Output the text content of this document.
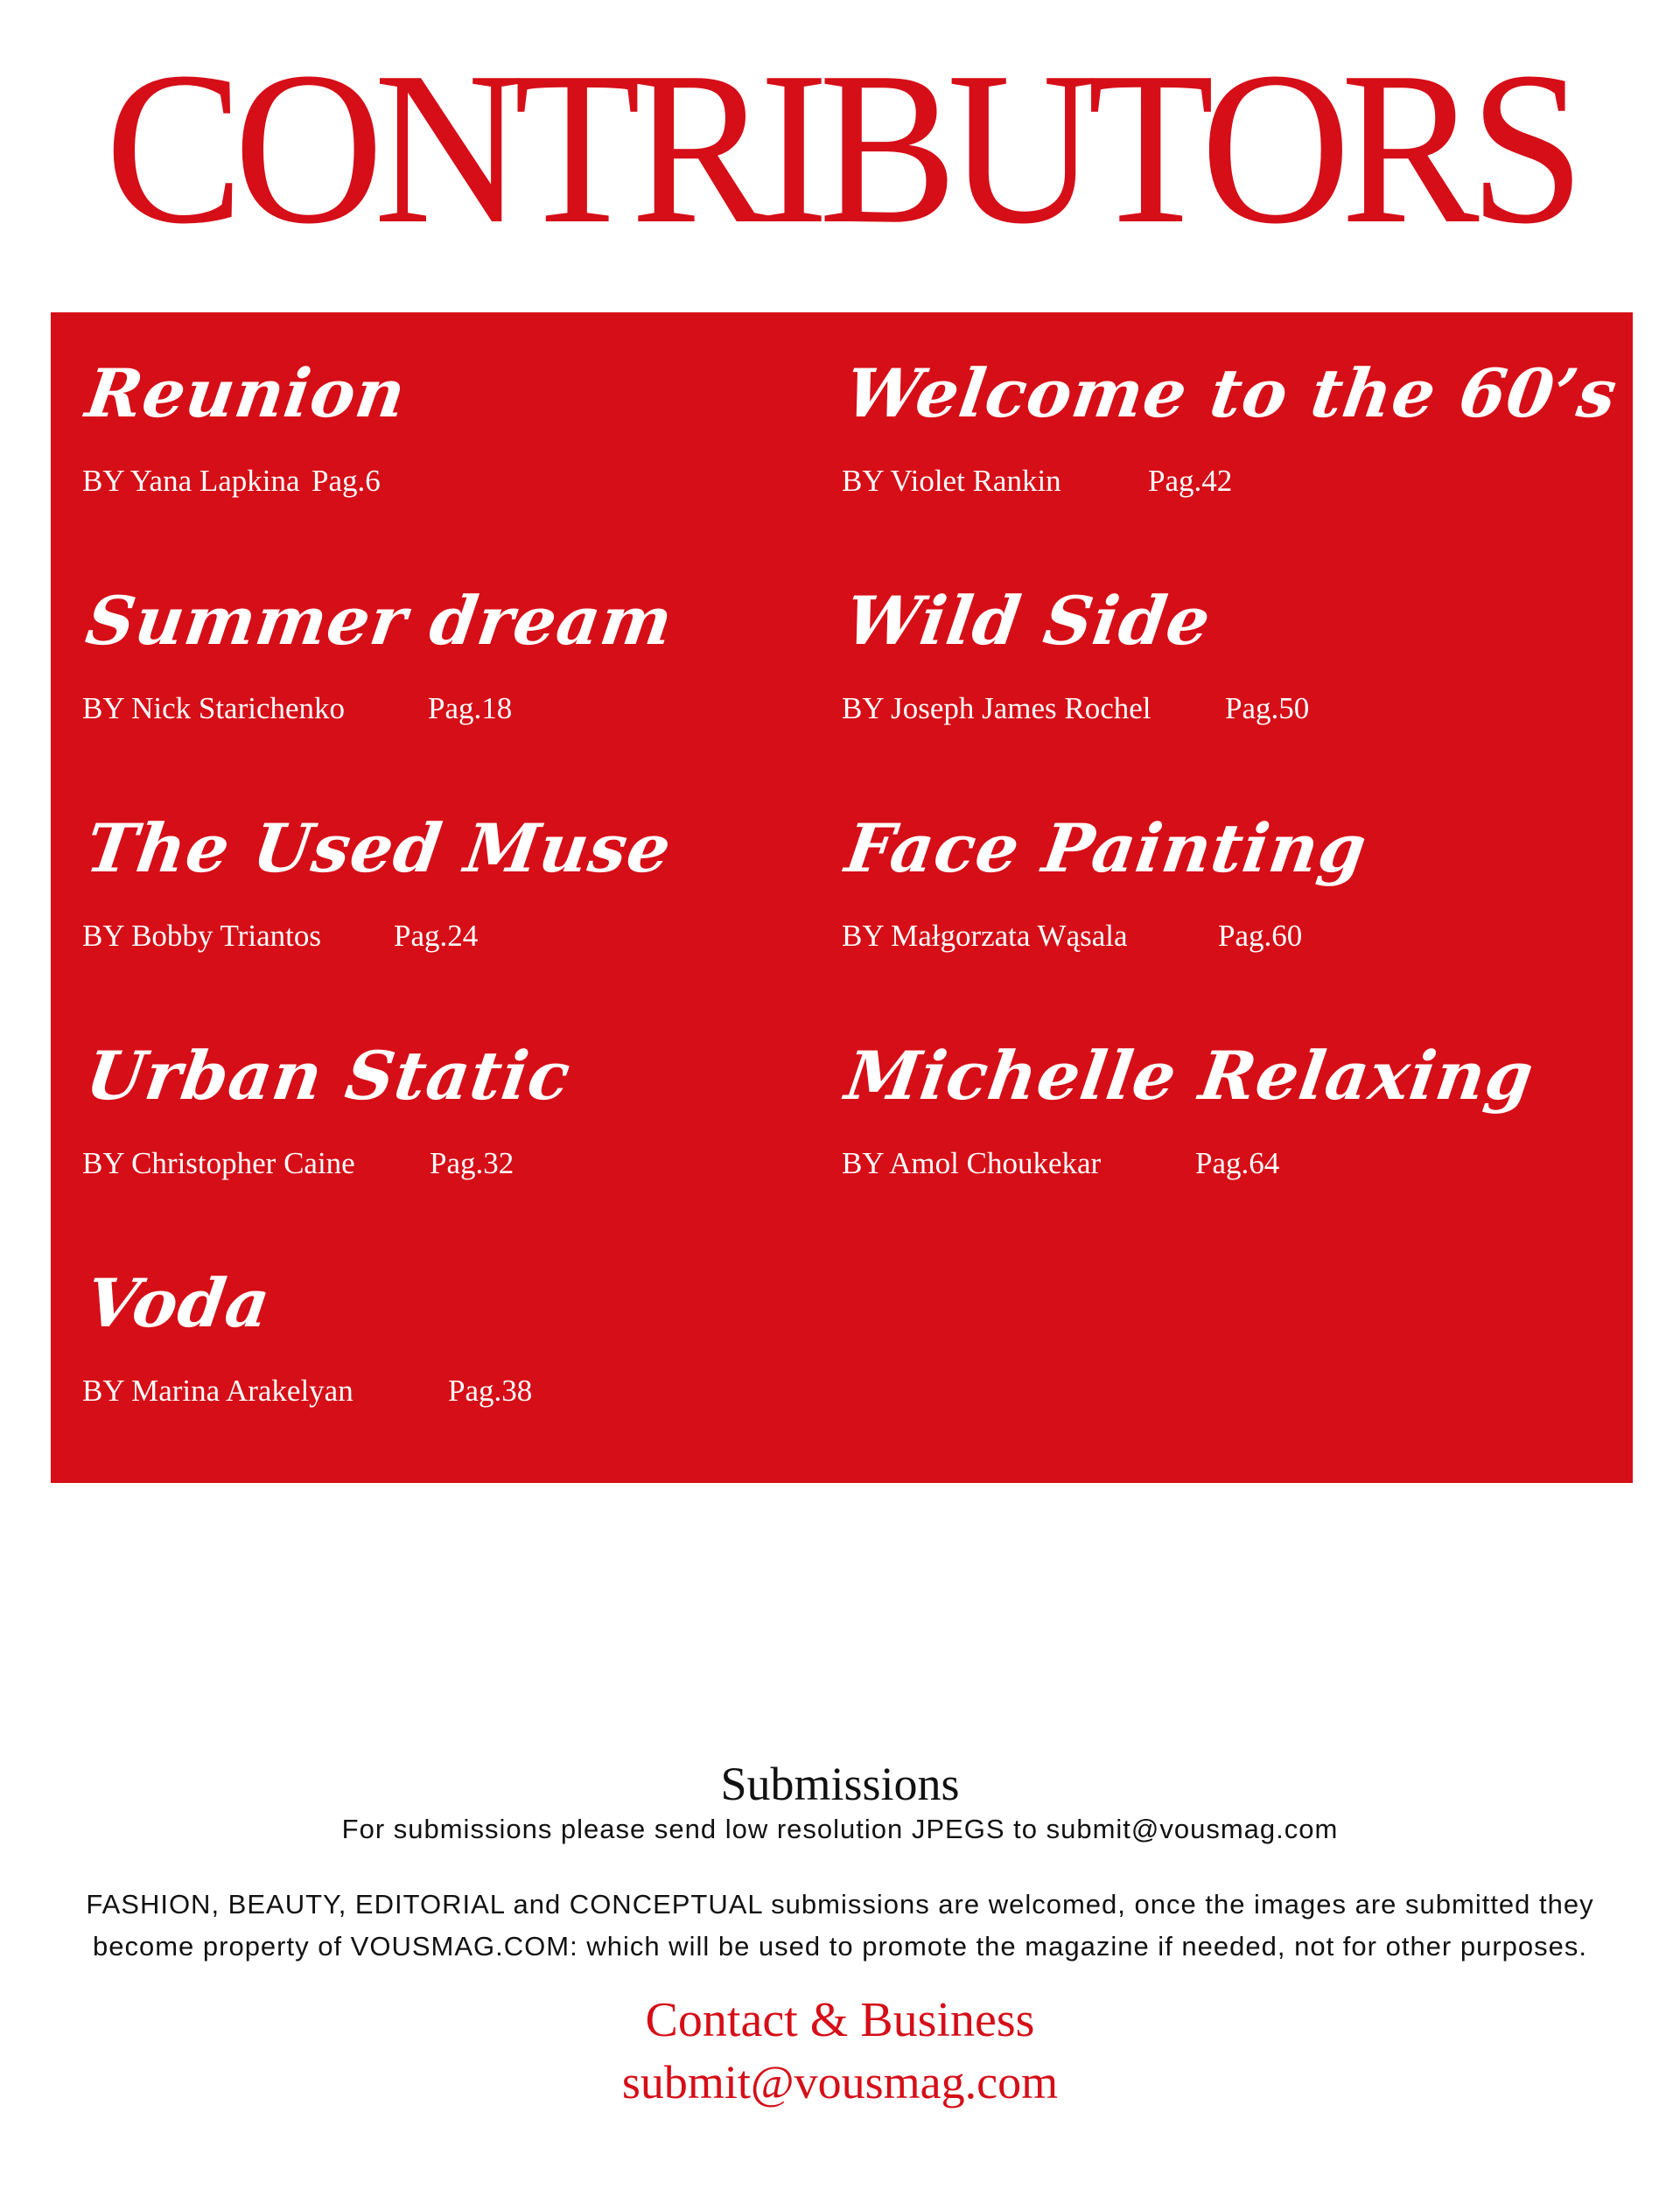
CONTRIBUTORS
Reunion
BY Yana Lapkina Pag.6
Summer dream
BY Nick Starichenko	Pag.18
The Used Muse
BY Bobby Triantos	Pag.24
Urban Static
BY Christopher Caine	Pag.32
Voda
BY Marina Arakelyan	Pag.38
Welcome to the 60’s
BY Violet Rankin	Pag.42
Wild Side
BY Joseph James Rochel	Pag.50
Face Painting
BY Małgorzata Wąsala	Pag.60
Michelle Relaxing
BY Amol Choukekar	Pag.64
Submissions
For submissions please send low resolution JPEGS to submit@vousmag.com
FASHION, BEAUTY, EDITORIAL and CONCEPTUAL submissions are welcomed, once the images are submitted they become property of VOUSMAG.COM: which will be used to promote the magazine if needed, not for other purposes.
Contact & Business
submit@vousmag.com
